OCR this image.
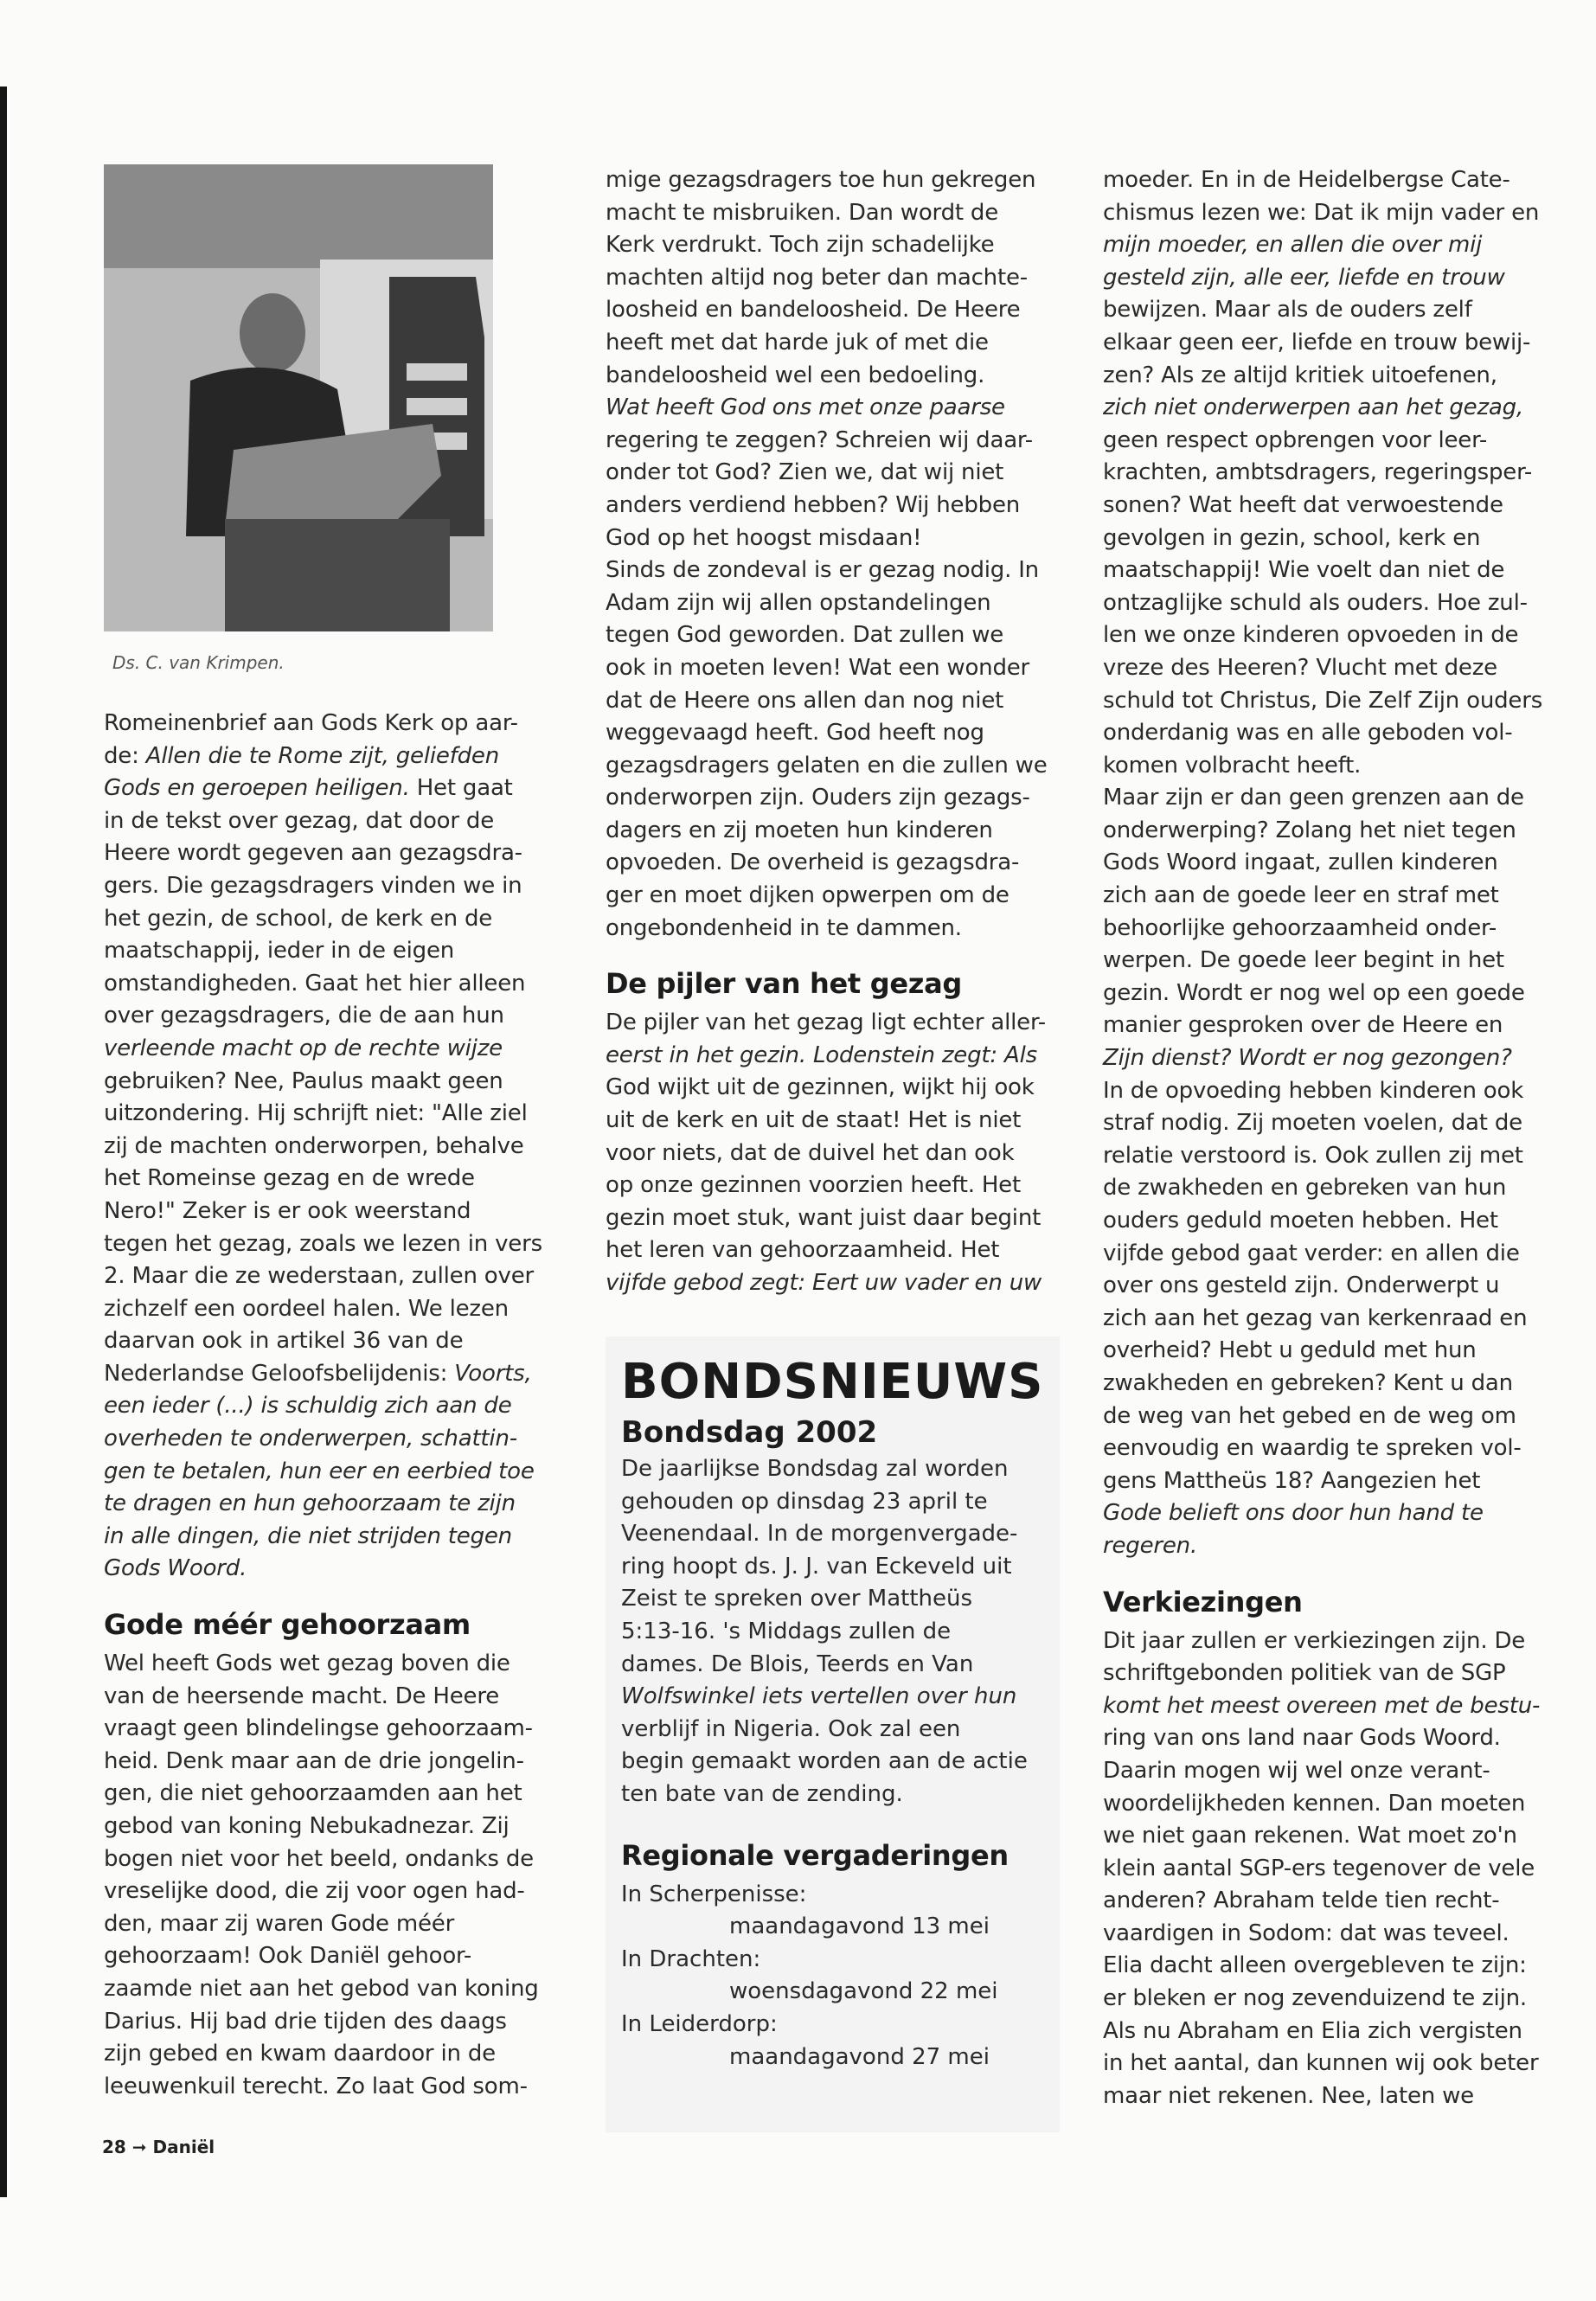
Ds. C. van Krimpen.

Romeinenbrief aan Gods Kerk op aar-
de: Allen die te Rome zijt, geliefden
Gods en geroepen heiligen. Het gaat
in de tekst over gezag, dat door de
Heere wordt gegeven aan gezagsdra-
gers. Die gezagsdragers vinden we in
het gezin, de school, de kerk en de
maatschappij, ieder in de eigen
omstandigheden. Gaat het hier alleen
over gezagsdragers, die de aan hun
verleende macht op de rechte wijze
gebruiken? Nee, Paulus maakt geen
uitzondering. Hij schrijft niet: "Alle ziel
zij de machten onderworpen, behalve
het Romeinse gezag en de wrede
Nero!" Zeker is er ook weerstand
tegen het gezag, zoals we lezen in vers
2. Maar die ze wederstaan, zullen over
zichzelf een oordeel halen. We lezen
daarvan ook in artikel 36 van de
Nederlandse Geloofsbelijdenis: Voorts,
een ieder (...) is schuldig zich aan de
overheden te onderwerpen, schattin-
gen te betalen, hun eer en eerbied toe
te dragen en hun gehoorzaam te zijn
in alle dingen, die niet strijden tegen
Gods Woord.

Gode méér gehoorzaam

Wel heeft Gods wet gezag boven die
van de heersende macht. De Heere
vraagt geen blindelingse gehoorzaam-
heid. Denk maar aan de drie jongelin-
gen, die niet gehoorzaamden aan het
gebod van koning Nebukadnezar. Zij
bogen niet voor het beeld, ondanks de
vreselijke dood, die zij voor ogen had-
den, maar zij waren Gode méér
gehoorzaam! Ook Daniël gehoor-
zaamde niet aan het gebod van koning
Darius. Hij bad drie tijden des daags
zijn gebed en kwam daardoor in de
leeuwenkuil terecht. Zo laat God som-

mige gezagsdragers toe hun gekregen
macht te misbruiken. Dan wordt de
Kerk verdrukt. Toch zijn schadelijke
machten altijd nog beter dan machte-
loosheid en bandeloosheid. De Heere
heeft met dat harde juk of met die
bandeloosheid wel een bedoeling.
Wat heeft God ons met onze paarse
regering te zeggen? Schreien wij daar-
onder tot God? Zien we, dat wij niet
anders verdiend hebben? Wij hebben
God op het hoogst misdaan!
Sinds de zondeval is er gezag nodig. In
Adam zijn wij allen opstandelingen
tegen God geworden. Dat zullen we
ook in moeten leven! Wat een wonder
dat de Heere ons allen dan nog niet
weggevaagd heeft. God heeft nog
gezagsdragers gelaten en die zullen we
onderworpen zijn. Ouders zijn gezags-
dagers en zij moeten hun kinderen
opvoeden. De overheid is gezagsdra-
ger en moet dijken opwerpen om de
ongebondenheid in te dammen.

De pijler van het gezag

De pijler van het gezag ligt echter aller-
eerst in het gezin. Lodenstein zegt: Als
God wijkt uit de gezinnen, wijkt hij ook
uit de kerk en uit de staat! Het is niet
voor niets, dat de duivel het dan ook
op onze gezinnen voorzien heeft. Het
gezin moet stuk, want juist daar begint
het leren van gehoorzaamheid. Het
vijfde gebod zegt: Eert uw vader en uw

BONDSNIEUWS
Bondsdag 2002

De jaarlijkse Bondsdag zal worden
gehouden op dinsdag 23 april te
Veenendaal. In de morgenvergade-
ring hoopt ds. J. J. van Eckeveld uit
Zeist te spreken over Mattheüs
5:13-16. 's Middags zullen de
dames. De Blois, Teerds en Van
Wolfswinkel iets vertellen over hun
verblijf in Nigeria. Ook zal een
begin gemaakt worden aan de actie
ten bate van de zending.

Regionale vergaderingen

In Scherpenisse:
maandagavond 13 mei
In Drachten:
woensdagavond 22 mei
In Leiderdorp:
maandagavond 27 mei

moeder. En in de Heidelbergse Cate-
chismus lezen we: Dat ik mijn vader en
mijn moeder, en allen die over mij
gesteld zijn, alle eer, liefde en trouw
bewijzen. Maar als de ouders zelf
elkaar geen eer, liefde en trouw bewij-
zen? Als ze altijd kritiek uitoefenen,
zich niet onderwerpen aan het gezag,
geen respect opbrengen voor leer-
krachten, ambtsdragers, regeringsper-
sonen? Wat heeft dat verwoestende
gevolgen in gezin, school, kerk en
maatschappij! Wie voelt dan niet de
ontzaglijke schuld als ouders. Hoe zul-
len we onze kinderen opvoeden in de
vreze des Heeren? Vlucht met deze
schuld tot Christus, Die Zelf Zijn ouders
onderdanig was en alle geboden vol-
komen volbracht heeft.
Maar zijn er dan geen grenzen aan de
onderwerping? Zolang het niet tegen
Gods Woord ingaat, zullen kinderen
zich aan de goede leer en straf met
behoorlijke gehoorzaamheid onder-
werpen. De goede leer begint in het
gezin. Wordt er nog wel op een goede
manier gesproken over de Heere en
Zijn dienst? Wordt er nog gezongen?
In de opvoeding hebben kinderen ook
straf nodig. Zij moeten voelen, dat de
relatie verstoord is. Ook zullen zij met
de zwakheden en gebreken van hun
ouders geduld moeten hebben. Het
vijfde gebod gaat verder: en allen die
over ons gesteld zijn. Onderwerpt u
zich aan het gezag van kerkenraad en
overheid? Hebt u geduld met hun
zwakheden en gebreken? Kent u dan
de weg van het gebed en de weg om
eenvoudig en waardig te spreken vol-
gens Mattheüs 18? Aangezien het
Gode belieft ons door hun hand te
regeren.

Verkiezingen

Dit jaar zullen er verkiezingen zijn. De
schriftgebonden politiek van de SGP
komt het meest overeen met de bestu-
ring van ons land naar Gods Woord.
Daarin mogen wij wel onze verant-
woordelijkheden kennen. Dan moeten
we niet gaan rekenen. Wat moet zo'n
klein aantal SGP-ers tegenover de vele
anderen? Abraham telde tien recht-
vaardigen in Sodom: dat was teveel.
Elia dacht alleen overgebleven te zijn:
er bleken er nog zevenduizend te zijn.
Als nu Abraham en Elia zich vergisten
in het aantal, dan kunnen wij ook beter
maar niet rekenen. Nee, laten we

28 ➞ Daniël
